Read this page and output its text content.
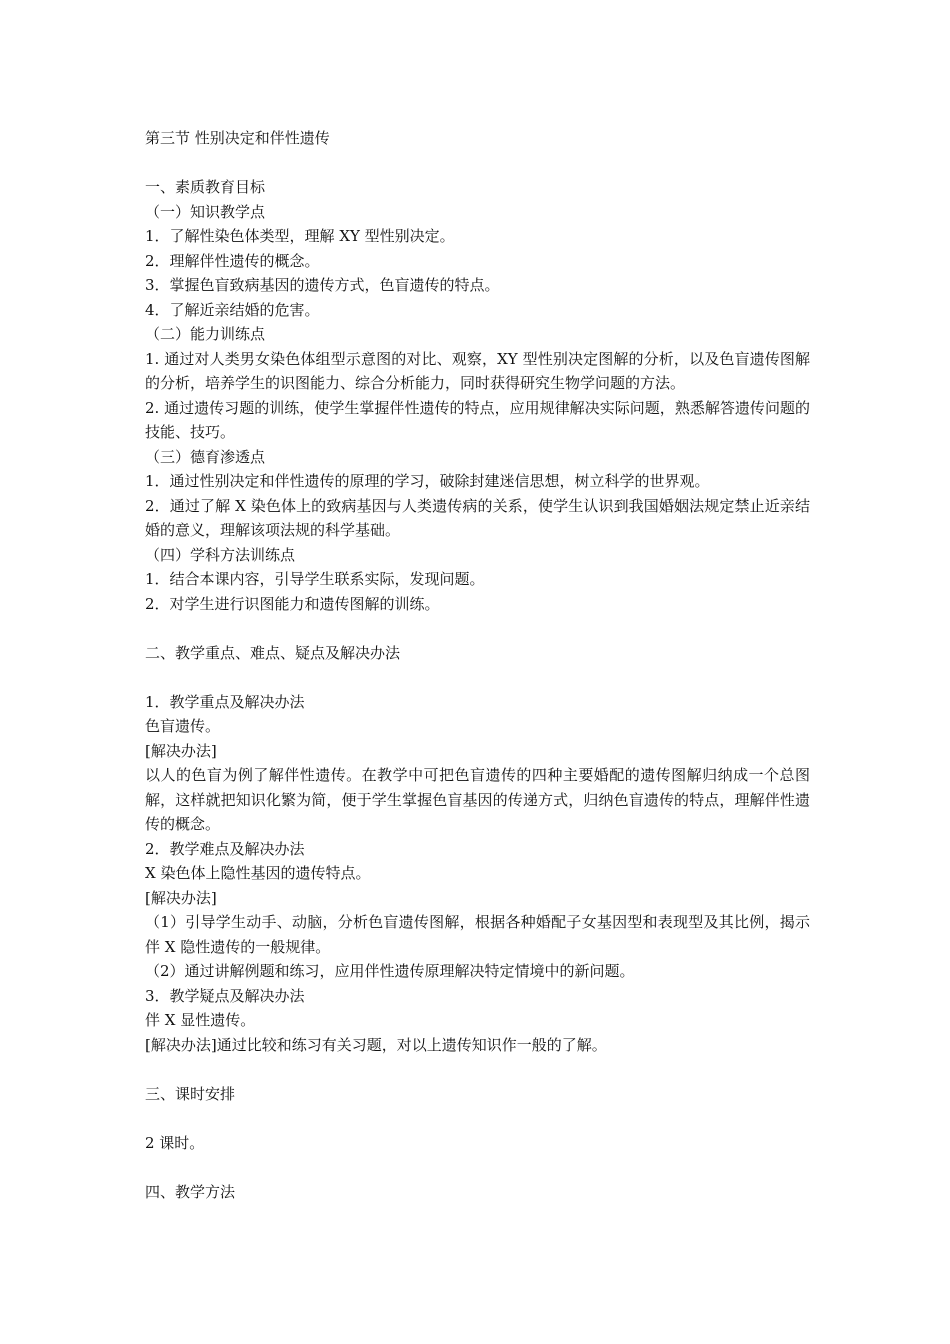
第三节 性别决定和伴性遗传
一、素质教育目标
（一）知识教学点
1．了解性染色体类型，理解 XY 型性别决定。
2．理解伴性遗传的概念。
3．掌握色盲致病基因的遗传方式，色盲遗传的特点。
4．了解近亲结婚的危害。
（二）能力训练点
1. 通过对人类男女染色体组型示意图的对比、观察，XY 型性别决定图解的分析，以及色盲遗传图解的分析，培养学生的识图能力、综合分析能力，同时获得研究生物学问题的方法。
2. 通过遗传习题的训练，使学生掌握伴性遗传的特点，应用规律解决实际问题，熟悉解答遗传问题的技能、技巧。
（三）德育渗透点
1．通过性别决定和伴性遗传的原理的学习，破除封建迷信思想，树立科学的世界观。
2．通过了解 X 染色体上的致病基因与人类遗传病的关系，使学生认识到我国婚姻法规定禁止近亲结婚的意义，理解该项法规的科学基础。
（四）学科方法训练点
1．结合本课内容，引导学生联系实际，发现问题。
2．对学生进行识图能力和遗传图解的训练。
二、教学重点、难点、疑点及解决办法
1．教学重点及解决办法
色盲遗传。
[解决办法]
以人的色盲为例了解伴性遗传。在教学中可把色盲遗传的四种主要婚配的遗传图解归纳成一个总图解，这样就把知识化繁为简，便于学生掌握色盲基因的传递方式，归纳色盲遗传的特点，理解伴性遗传的概念。
2．教学难点及解决办法
X 染色体上隐性基因的遗传特点。
[解决办法]
（1）引导学生动手、动脑，分析色盲遗传图解，根据各种婚配子女基因型和表现型及其比例，揭示伴 X 隐性遗传的一般规律。
（2）通过讲解例题和练习，应用伴性遗传原理解决特定情境中的新问题。
3．教学疑点及解决办法
伴 X 显性遗传。
[解决办法]通过比较和练习有关习题，对以上遗传知识作一般的了解。
三、课时安排
2 课时。
四、教学方法
